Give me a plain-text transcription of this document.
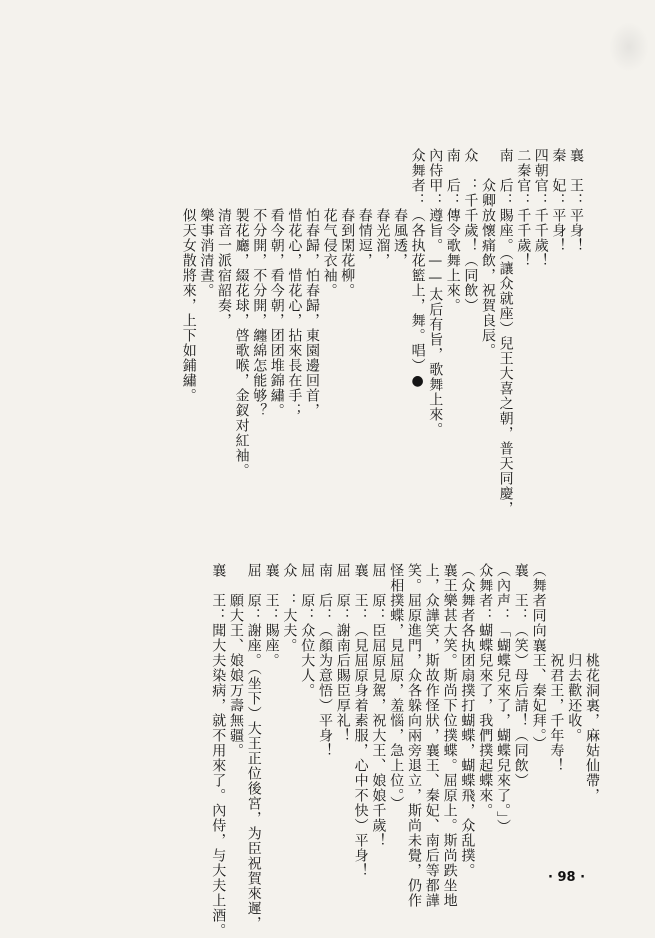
襄　王：平身！
秦　妃：平身！
四朝官：千千歲！
二秦官：千千歲！
南　后：賜座。（讓众就座）兒王大喜之朝，普天同慶，
　　众卿放懷痛飲，祝賀良辰。
众　：千千歲！（同飲）
南　后：傳令歌舞上來。
內侍甲：遵旨。——太后有旨，歌舞上來。
众舞者：（各执花籃上，舞。唱）●
　　　　春風透，
　　　　春光溜，
　　　　春情逗，
　　　　春到閑花柳。
　　　　花气侵衣袖。
　　　　怕春歸，怕春歸，東園邊回首，
　　　　惜花心，惜花心，拈來長在手；
　　　　看今朝，看今朝，团团堆錦繡。
　　　　不分開，不分開，纏綿怎能够？
　　　　製花廳，綴花球，啓歌喉，金釵对紅袖。
　　　　清音一派宿韶奏，
　　　　樂事消清晝。
　　　　似天女散將來，上下如鋪繡。
　　　　　　桃花洞裏，麻姑仙帶，
　　　　　　归去歡还收。
　　　　　　祝君王，千年寿！
（舞者同向襄王、秦妃拜。）
襄　王：（笑）母后請！（同飲）
（內声：「蝴蝶兒來了，蝴蝶兒來了。」）
众舞者：蝴蝶兒來了，我們撲起蝶來。
（众舞者各执团扇撲打蝴蝶，蝴蝶飛，众乱撲。
襄王樂甚大笑。斯尚下位撲蝶。屈原上。斯尚跌坐地
上，众譁笑，斯故作怪狀，襄王、秦妃、南后等都譁
笑。屈原進門，众各躲向兩旁退立，斯尚未覺，仍作
怪相撲蝶，見屈原，羞惱，急上位。）
屈　原：臣屈原見駕，祝大王、娘娘千歲！
襄　王：（見屈原身着素服，心中不快）平身！
屈　原：謝南后賜臣厚礼！
南　后：（顏为意悟）平身！
屈　原：众位大人。
众　：大夫。
襄　王：賜座。
屈　原：謝座。（坐下）大王正位後宮，为臣祝賀來遲，
　　願大王、娘娘万壽無疆。
襄　王：聞大夫染病，就不用來了。內侍，与大夫上酒。	· 98 ·
